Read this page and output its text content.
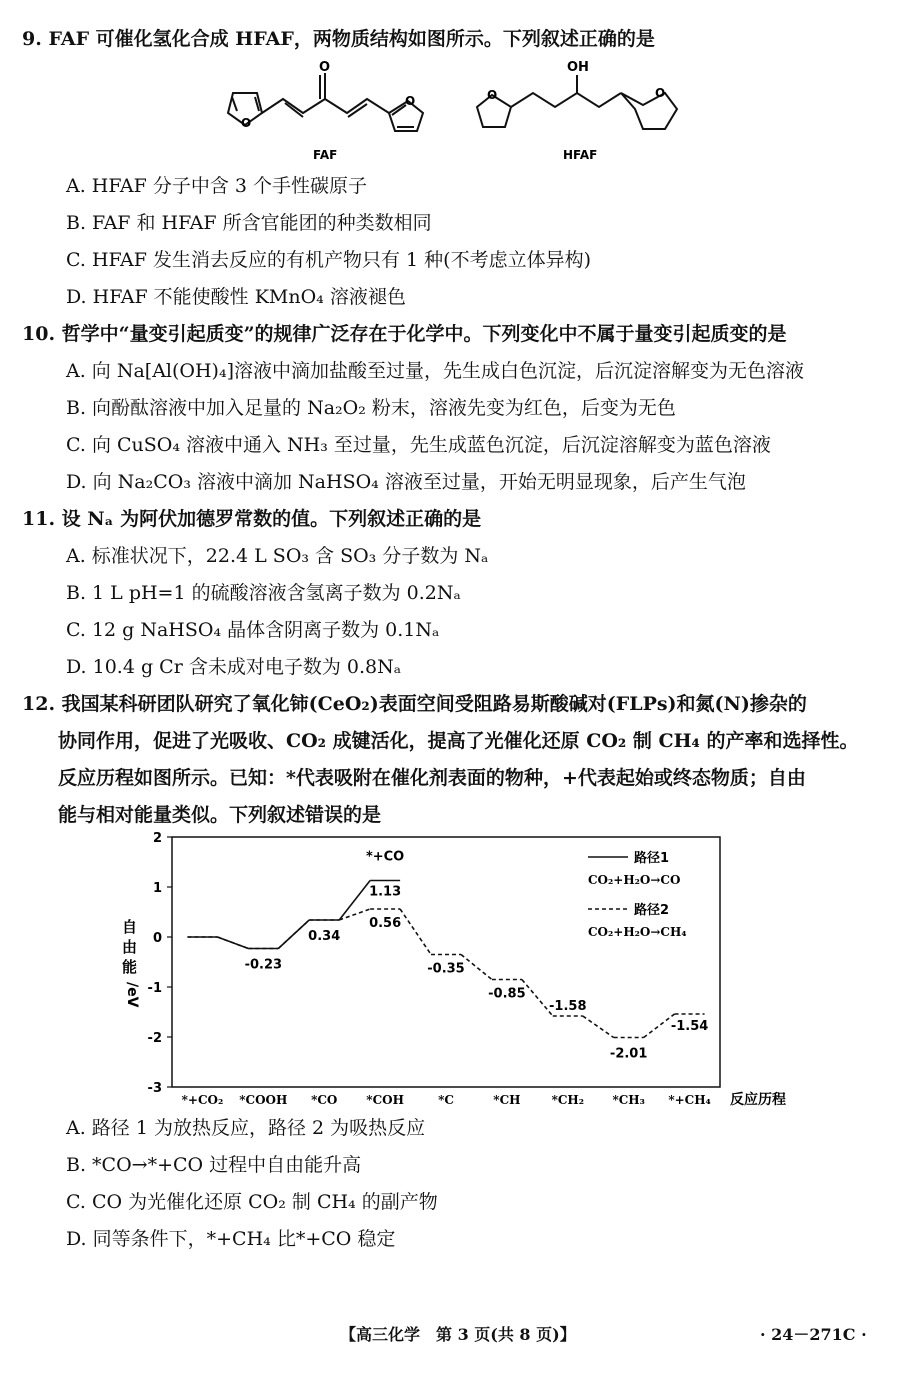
9. FAF 可催化氢化合成 HFAF，两物质结构如图所示。下列叙述正确的是
O
O
O	O	O
OH
FAF	HFAF
A. HFAF 分子中含 3 个手性碳原子
B. FAF 和 HFAF 所含官能团的种类数相同
C. HFAF 发生消去反应的有机产物只有 1 种(不考虑立体异构)
D. HFAF 不能使酸性 KMnO₄ 溶液褪色
10. 哲学中“量变引起质变”的规律广泛存在于化学中。下列变化中不属于量变引起质变的是
A. 向 Na[Al(OH)₄]溶液中滴加盐酸至过量，先生成白色沉淀，后沉淀溶解变为无色溶液
B. 向酚酞溶液中加入足量的 Na₂O₂ 粉末，溶液先变为红色，后变为无色
C. 向 CuSO₄ 溶液中通入 NH₃ 至过量，先生成蓝色沉淀，后沉淀溶解变为蓝色溶液
D. 向 Na₂CO₃ 溶液中滴加 NaHSO₄ 溶液至过量，开始无明显现象，后产生气泡
11. 设 Nₐ 为阿伏加德罗常数的值。下列叙述正确的是
A. 标准状况下，22.4 L SO₃ 含 SO₃ 分子数为 Nₐ
B. 1 L pH=1 的硫酸溶液含氢离子数为 0.2Nₐ
C. 12 g NaHSO₄ 晶体含阴离子数为 0.1Nₐ
D. 10.4 g Cr 含未成对电子数为 0.8Nₐ
12. 我国某科研团队研究了氧化铈(CeO₂)表面空间受阻路易斯酸碱对(FLPs)和氮(N)掺杂的
协同作用，促进了光吸收、CO₂ 成键活化，提高了光催化还原 CO₂ 制 CH₄ 的产率和选择性。
反应历程如图所示。已知：*代表吸附在催化剂表面的物种，+代表起始或终态物质；自由
能与相对能量类似。下列叙述错误的是
2
1
0
-1
-2
-3
自
由
能
/eV
*+CO₂ *COOH *CO *COH	*C	*CH	*CH₂ *CH₃ *+CH₄ 反应历程
*+CO
1.13
0.56
0.34
-0.23	-0.35
-0.85
-1.58
-2.01
-1.54
路径1
CO₂+H₂O→CO
路径2
CO₂+H₂O→CH₄
A. 路径 1 为放热反应，路径 2 为吸热反应
B. *CO→*+CO 过程中自由能升高
C. CO 为光催化还原 CO₂ 制 CH₄ 的副产物
D. 同等条件下，*+CH₄ 比*+CO 稳定
【高三化学　第 3 页(共 8 页)】	· 24－271C ·
